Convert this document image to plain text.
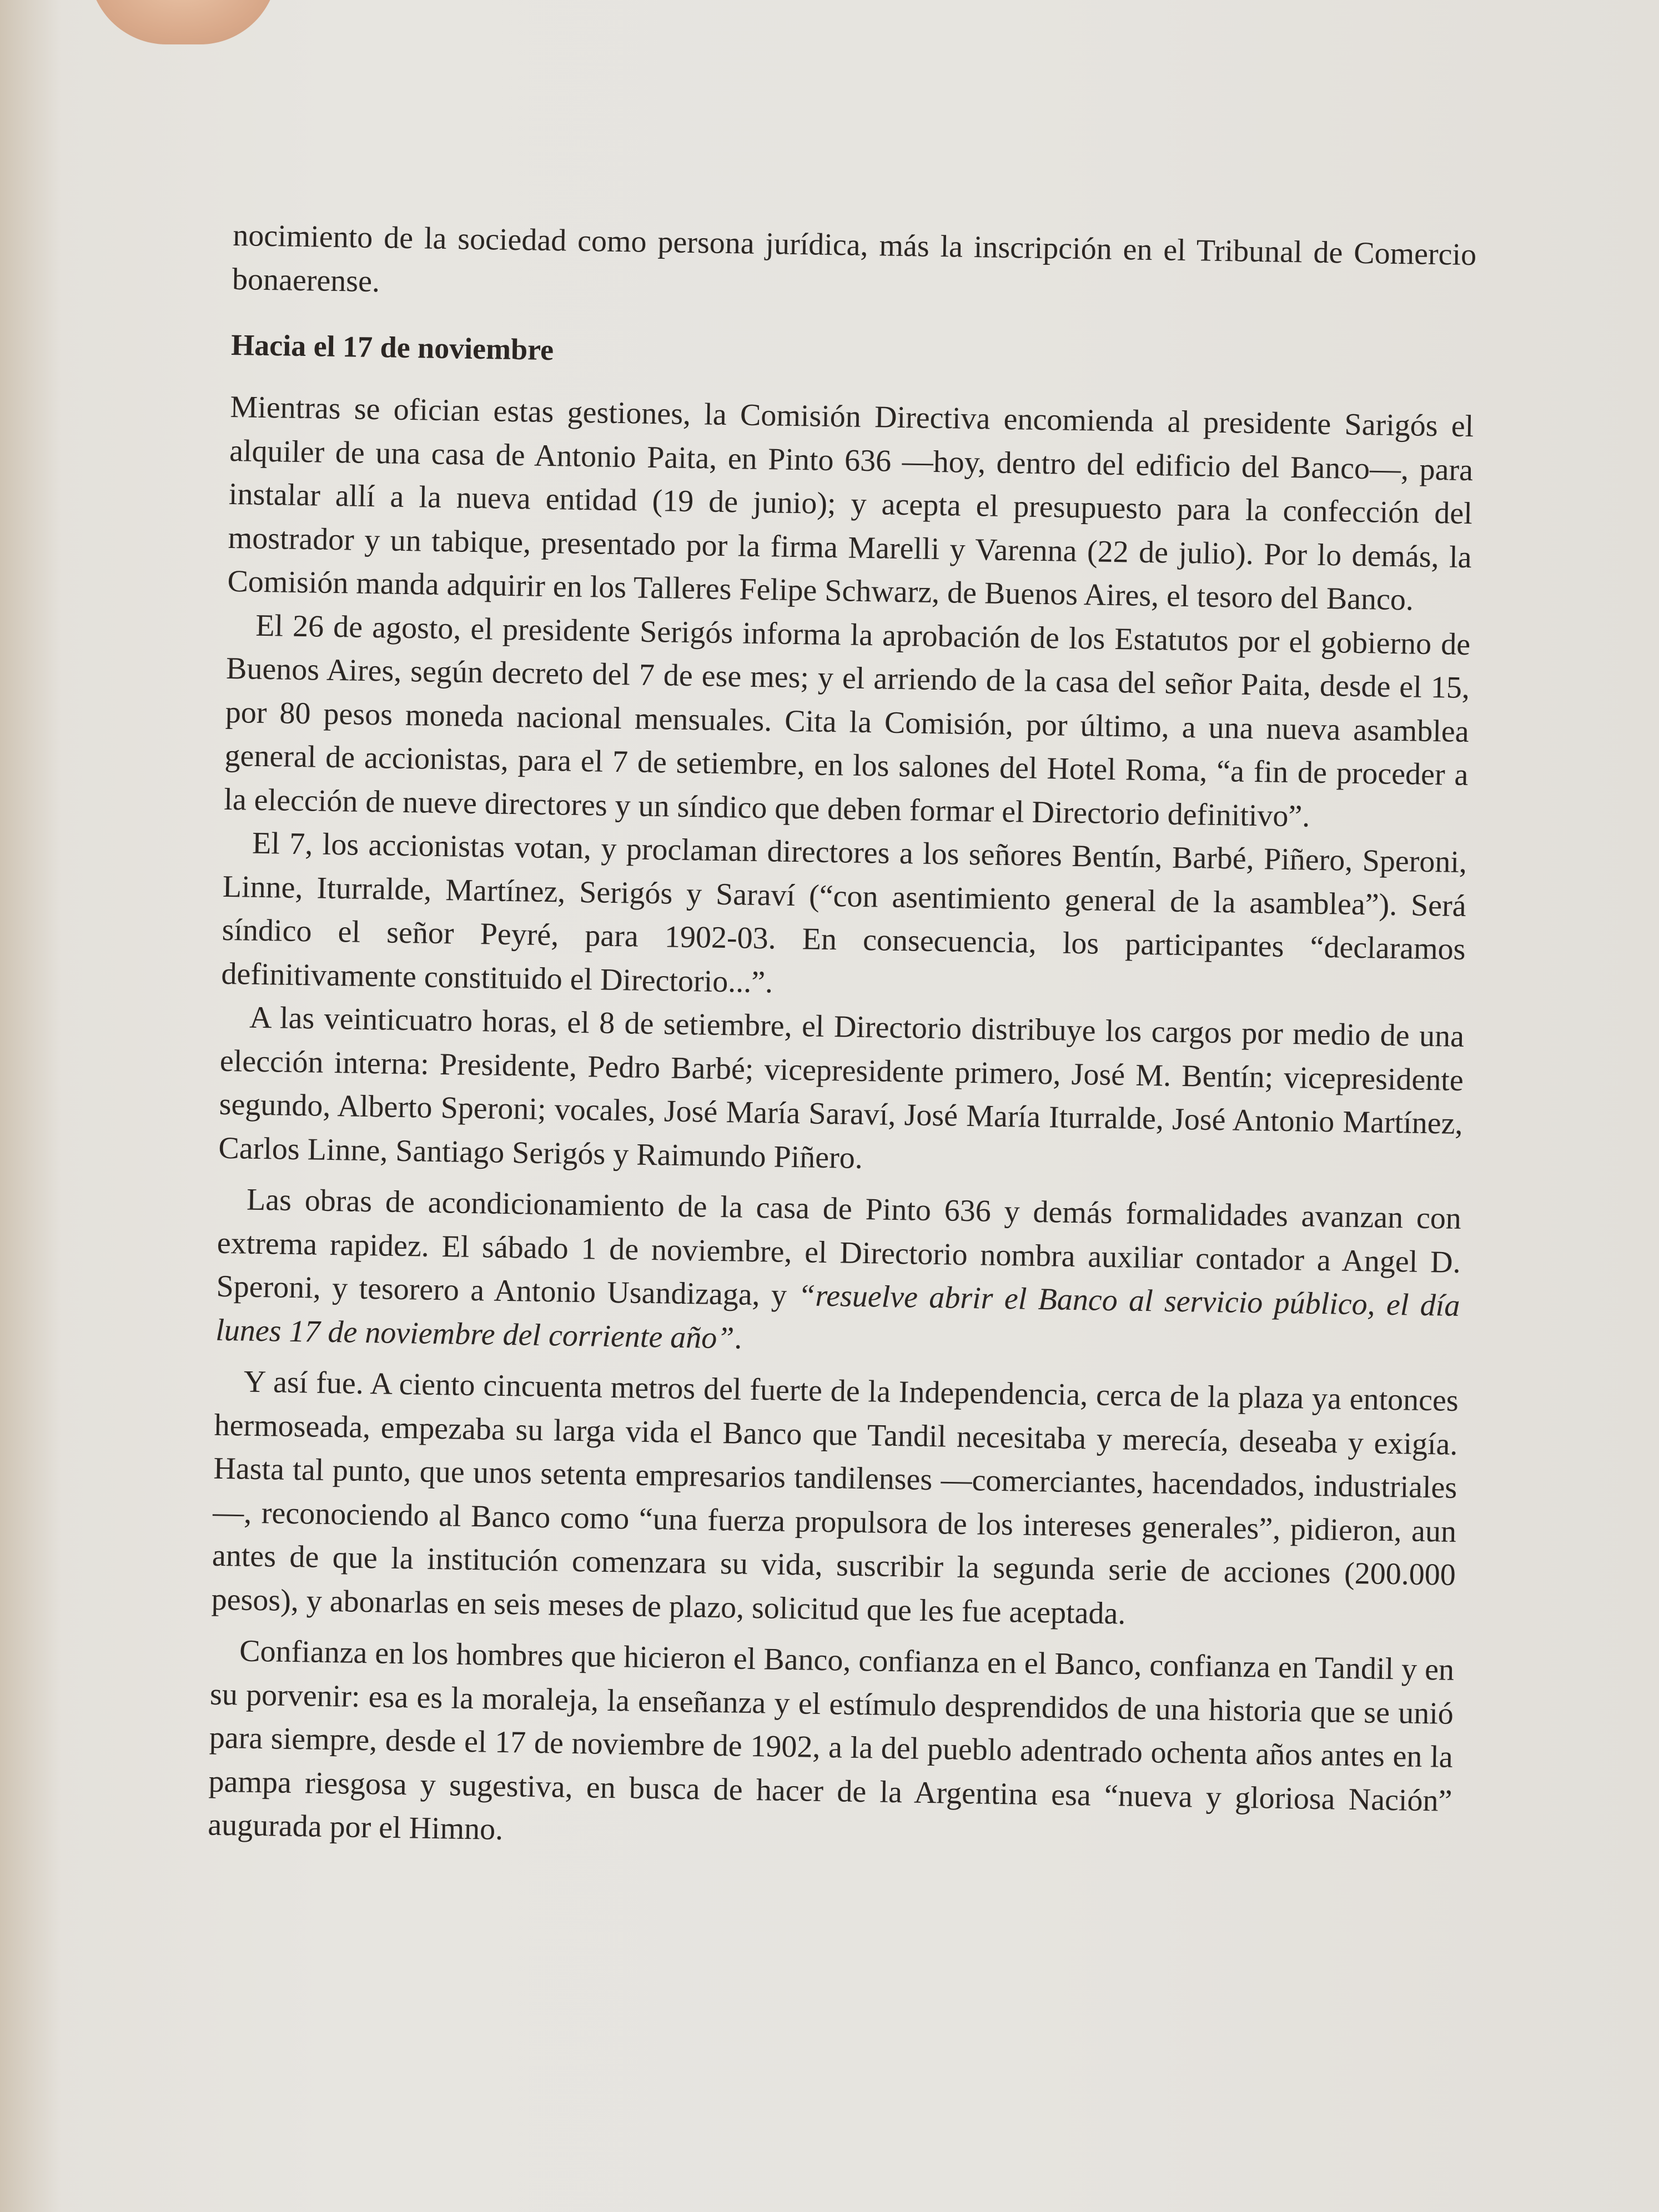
nocimiento de la sociedad como persona jurídica, más la inscripción en el Tribunal de Comercio bonaerense.

Hacia el 17 de noviembre

Mientras se ofician estas gestiones, la Comisión Directiva encomienda al presidente Sarigós el alquiler de una casa de Antonio Paita, en Pinto 636 —hoy, dentro del edificio del Banco—, para instalar allí a la nueva entidad (19 de junio); y acepta el presupuesto para la confección del mostrador y un tabique, presentado por la firma Marelli y Varenna (22 de julio). Por lo demás, la Comisión manda adquirir en los Talleres Felipe Schwarz, de Buenos Aires, el tesoro del Banco.

El 26 de agosto, el presidente Serigós informa la aprobación de los Estatutos por el gobierno de Buenos Aires, según decreto del 7 de ese mes; y el arriendo de la casa del señor Paita, desde el 15, por 80 pesos moneda nacional mensuales. Cita la Comisión, por último, a una nueva asamblea general de accionistas, para el 7 de setiembre, en los salones del Hotel Roma, “a fin de proceder a la elección de nueve directores y un síndico que deben formar el Directorio definitivo”.

El 7, los accionistas votan, y proclaman directores a los señores Bentín, Barbé, Piñero, Speroni, Linne, Iturralde, Martínez, Serigós y Saraví (“con asentimiento general de la asamblea”). Será síndico el señor Peyré, para 1902-03. En consecuencia, los participantes “declaramos definitivamente constituido el Directorio...”.

A las veinticuatro horas, el 8 de setiembre, el Directorio distribuye los cargos por medio de una elección interna: Presidente, Pedro Barbé; vicepresidente primero, José M. Bentín; vicepresidente segundo, Alberto Speroni; vocales, José María Saraví, José María Iturralde, José Antonio Martínez, Carlos Linne, Santiago Serigós y Raimundo Piñero.

Las obras de acondicionamiento de la casa de Pinto 636 y demás formalidades avanzan con extrema rapidez. El sábado 1 de noviembre, el Directorio nombra auxiliar contador a Angel D. Speroni, y tesorero a Antonio Usandizaga, y “resuelve abrir el Banco al servicio público, el día lunes 17 de noviembre del corriente año”.

Y así fue. A ciento cincuenta metros del fuerte de la Independencia, cerca de la plaza ya entonces hermoseada, empezaba su larga vida el Banco que Tandil necesitaba y merecía, deseaba y exigía. Hasta tal punto, que unos setenta empresarios tandilenses —comerciantes, hacendados, industriales—, reconociendo al Banco como “una fuerza propulsora de los intereses generales”, pidieron, aun antes de que la institución comenzara su vida, suscribir la segunda serie de acciones (200.000 pesos), y abonarlas en seis meses de plazo, solicitud que les fue aceptada.

Confianza en los hombres que hicieron el Banco, confianza en el Banco, confianza en Tandil y en su porvenir: esa es la moraleja, la enseñanza y el estímulo desprendidos de una historia que se unió para siempre, desde el 17 de noviembre de 1902, a la del pueblo adentrado ochenta años antes en la pampa riesgosa y sugestiva, en busca de hacer de la Argentina esa “nueva y gloriosa Nación” augurada por el Himno.
